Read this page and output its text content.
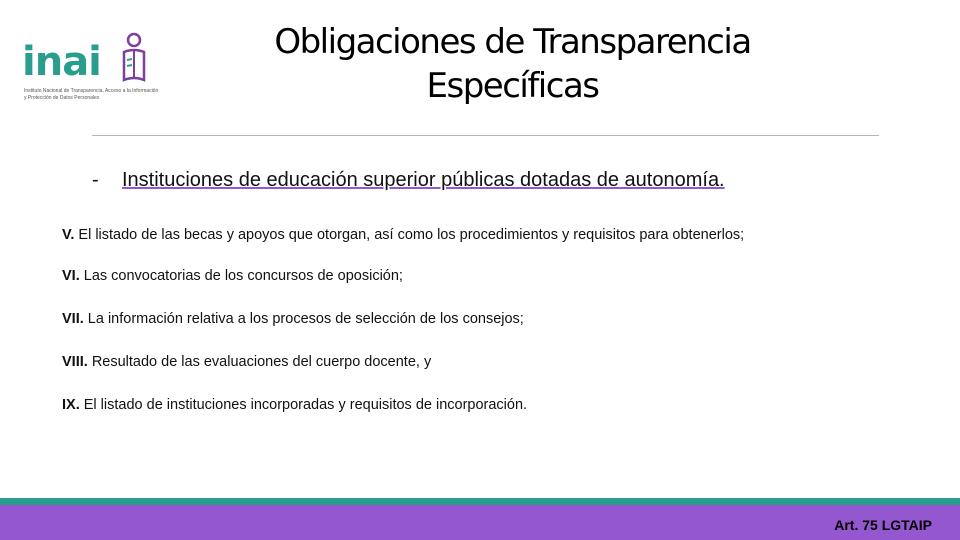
inai
Instituto Nacional de Transparencia, Acceso a la Información y Protección de Datos Personales
Obligaciones de Transparencia
Específicas
- Instituciones de educación superior públicas dotadas de autonomía.
V. El listado de las becas y apoyos que otorgan, así como los procedimientos y requisitos para obtenerlos;
VI. Las convocatorias de los concursos de oposición;
VII. La información relativa a los procesos de selección de los consejos;
VIII. Resultado de las evaluaciones del cuerpo docente, y
IX. El listado de instituciones incorporadas y requisitos de incorporación.
Art. 75 LGTAIP
